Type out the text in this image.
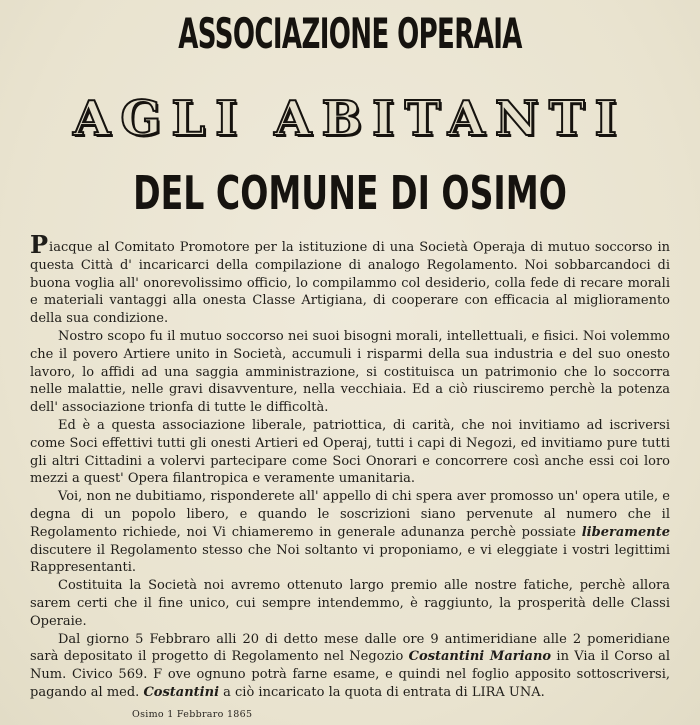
ASSOCIAZIONE OPERAIA
AGLI ABITANTI
DEL COMUNE DI OSIMO

Piacque al Comitato Promotore per la istituzione di una Società Operaja di mutuo soccorso in questa Città d' incaricarci della compilazione di analogo Regolamento. Noi sobbarcandoci di buona voglia all' onorevolissimo officio, lo compilammo col desiderio, colla fede di recare morali e materiali vantaggi alla onesta Classe Artigiana, di cooperare con efficacia al miglioramento della sua condizione.

Nostro scopo fu il mutuo soccorso nei suoi bisogni morali, intellettuali, e fisici. Noi volemmo che il povero Artiere unito in Società, accumuli i risparmi della sua industria e del suo onesto lavoro, lo affidi ad una saggia amministrazione, si costituisca un patrimonio che lo soccorra nelle malattie, nelle gravi disavventure, nella vecchiaia. Ed a ciò riusciremo perchè la potenza dell' associazione trionfa di tutte le difficoltà.

Ed è a questa associazione liberale, patriottica, di carità, che noi invitiamo ad iscriversi come Soci effettivi tutti gli onesti Artieri ed Operaj, tutti i capi di Negozi, ed invitiamo pure tutti gli altri Cittadini a volervi partecipare come Soci Onorari e concorrere così anche essi coi loro mezzi a quest' Opera filantropica e veramente umanitaria.

Voi, non ne dubitiamo, risponderete all' appello di chi spera aver promosso un' opera utile, e degna di un popolo libero, e quando le soscrizioni siano pervenute al numero che il Regolamento richiede, noi Vi chiameremo in generale adunanza perchè possiate liberamente discutere il Regolamento stesso che Noi soltanto vi proponiamo, e vi eleggiate i vostri legittimi Rappresentanti.

Costituita la Società noi avremo ottenuto largo premio alle nostre fatiche, perchè allora sarem certi che il fine unico, cui sempre intendemmo, è raggiunto, la prosperità delle Classi Operaie.

Dal giorno 5 Febbraro alli 20 di detto mese dalle ore 9 antimeridiane alle 2 pomeridiane sarà depositato il progetto di Regolamento nel Negozio Costantini Mariano in Via il Corso al Num. Civico 569. F ove ognuno potrà farne esame, e quindi nel foglio apposito sottoscriversi, pagando al med. Costantini a ciò incaricato la quota di entrata di LIRA UNA.

Osimo 1 Febbraro 1865
